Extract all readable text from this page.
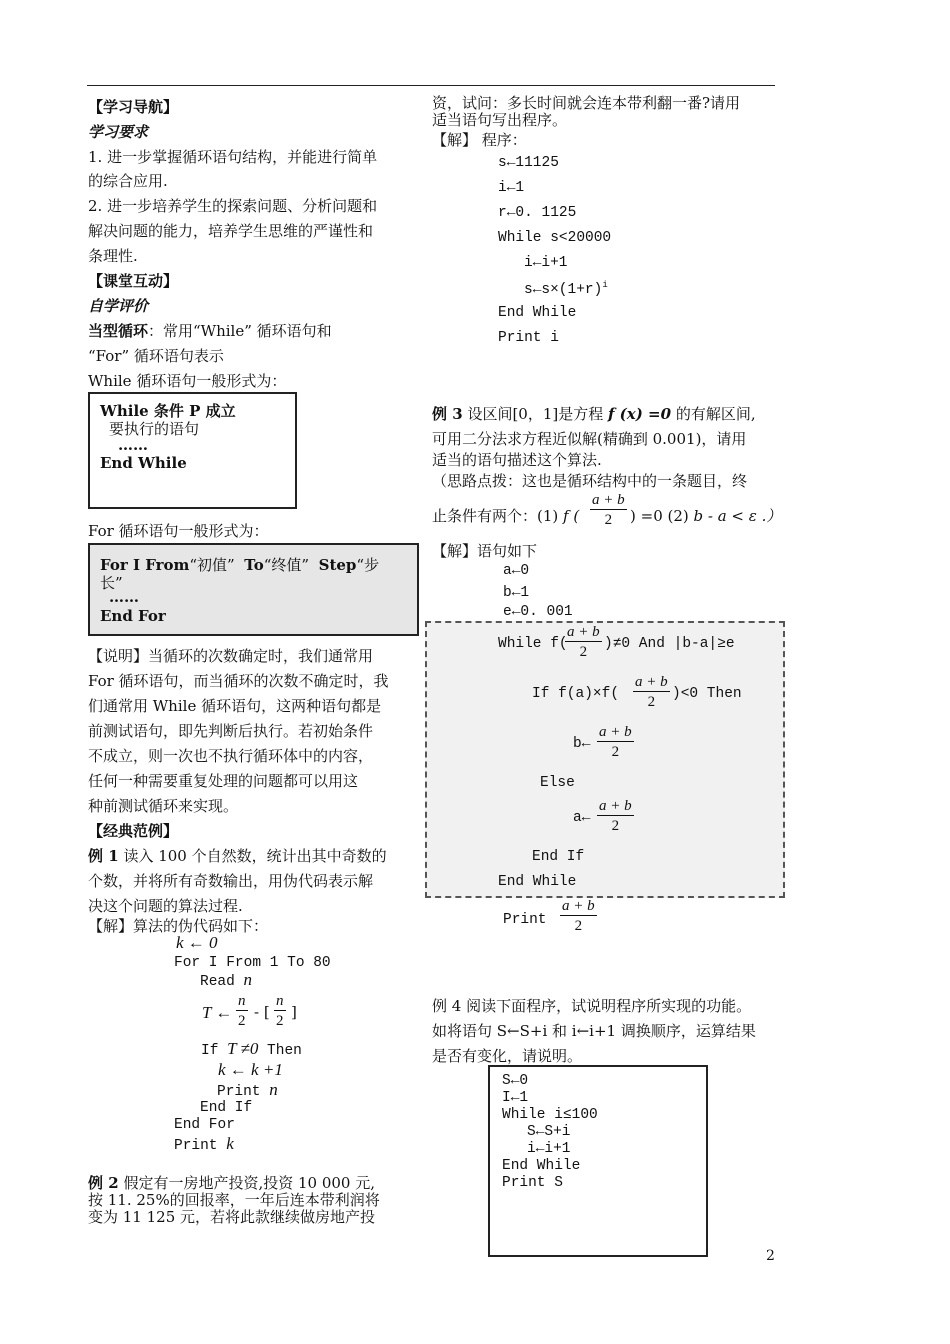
【学习导航】
学习要求
1. 进一步掌握循环语句结构，并能进行简单
的综合应用.
2. 进一步培养学生的探索问题、分析问题和
解决问题的能力，培养学生思维的严谨性和
条理性.
【课堂互动】
自学评价
当型循环：常用“While” 循环语句和
“For” 循环语句表示
While 循环语句一般形式为：
While 条件 P 成立
要执行的语句
……
End While
For 循环语句一般形式为：
For I From“初值” To“终值” Step“步
长”
……
End For
【说明】当循环的次数确定时，我们通常用
For 循环语句，而当循环的次数不确定时，我
们通常用 While 循环语句，这两种语句都是
前测试语句，即先判断后执行。若初始条件
不成立，则一次也不执行循环体中的内容，
任何一种需要重复处理的问题都可以用这
种前测试循环来实现。
【经典范例】
例 1 读入 100 个自然数，统计出其中奇数的
个数，并将所有奇数输出，用伪代码表示解
决这个问题的算法过程.
【解】算法的伪代码如下：
k ← 0
For I From 1 To 80
Read n
T ← $\frac{n}{2}$ - [ $\frac{n}{2}$ ]
If T ≠0 Then
k ← k +1
Print n
End If
End For
Print k
例 2 假定有一房地产投资,投资 10 000 元,
按 11. 25%的回报率，一年后连本带利润将
变为 11 125 元，若将此款继续做房地产投
资，试问：多长时间就会连本带利翻一番?请用
适当语句写出程序。
【解】 程序：
s←11125
i←1
r←0. 1125
While s<20000
i←i+1
$s\leftarrow s\times(1+r)^i$
End While
Print i
例 3 设区间[0，1]是方程 f (x) =0 的有解区间,
可用二分法求方程近似解(精确到 0.001)，请用
适当的语句描述这个算法.
（思路点拨：这也是循环结构中的一条题目，终
止条件有两个：(1) f ( $\frac{a + b}{2}$ ) =0 (2) b - a < ε .）
【解】语句如下
a←0
b←1
e←0. 001
While f(
$\frac{a + b}{2} )\ne 0$ And |b-a|≥e
If $f(a)\times f( \frac{a + b}{2} )<0$ Then
b← $\frac{a + b}{2}$
Else
a← $\frac{a + b}{2}$
End If
End While
Print $\frac{a + b}{2}$
例 4 阅读下面程序，试说明程序所实现的功能。
如将语句 S←S+i 和 i←i+1 调换顺序，运算结果
是否有变化，请说明。
S←0
I←1
While i≤100
S←S+i
i←i+1
End While
Print S
2
